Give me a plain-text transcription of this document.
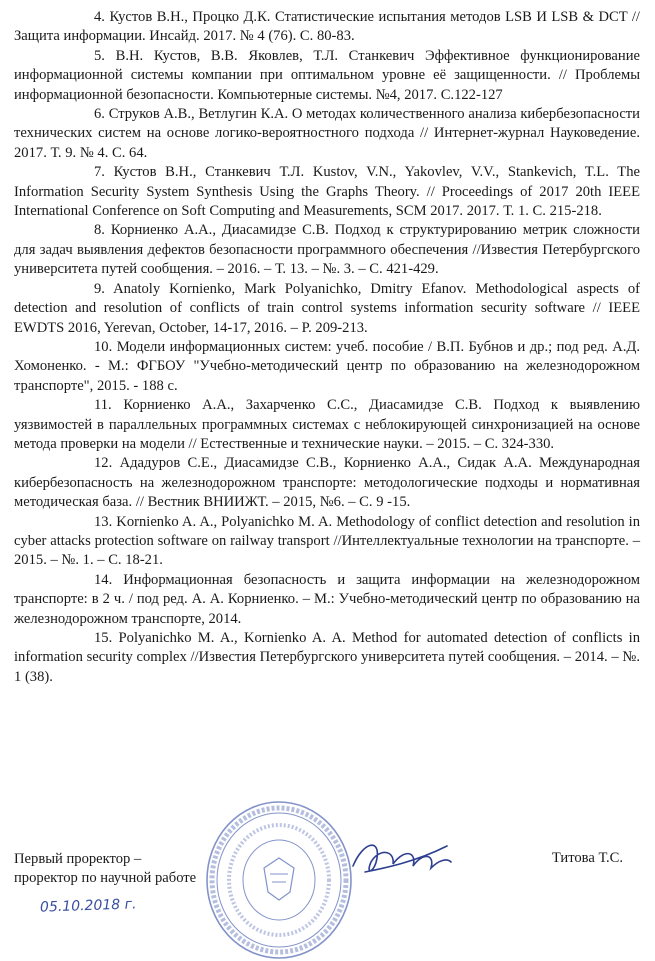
4. Кустов В.Н., Процко Д.К. Статистические испытания методов LSB И LSB & DCT // Защита информации. Инсайд. 2017. № 4 (76). С. 80-83.

5. В.Н. Кустов, В.В. Яковлев, Т.Л. Станкевич Эффективное функционирование информационной системы компании при оптимальном уровне её защищенности. // Проблемы информационной безопасности. Компьютерные системы. №4, 2017. С.122-127

6. Струков А.В., Ветлугин К.А. О методах количественного анализа кибербезопасности технических систем на основе логико-вероятностного подхода // Интернет-журнал Науковедение. 2017. Т. 9. № 4. С. 64.

7. Кустов В.Н., Станкевич Т.Л. Kustov, V.N., Yakovlev, V.V., Stankevich, T.L. The Information Security System Synthesis Using the Graphs Theory. // Proceedings of 2017 20th IEEE International Conference on Soft Computing and Measurements, SCM 2017. 2017. Т. 1. С. 215-218.

8. Корниенко А.А., Диасамидзе С.В. Подход к структурированию метрик сложности для задач выявления дефектов безопасности программного обеспечения //Известия Петербургского университета путей сообщения. – 2016. – Т. 13. – №. 3. – С. 421-429.

9. Anatoly Kornienko, Mark Polyanichko, Dmitry Efanov. Methodological aspects of detection and resolution of conflicts of train control systems information security software // IEEE EWDTS 2016, Yerevan, October, 14-17, 2016. – P. 209-213.

10. Модели информационных систем: учеб. пособие / В.П. Бубнов и др.; под ред. А.Д. Хомоненко. - М.: ФГБОУ "Учебно-методический центр по образованию на железнодорожном транспорте", 2015. - 188 с.

11. Корниенко А.А., Захарченко С.С., Диасамидзе С.В. Подход к выявлению уязвимостей в параллельных программных системах с неблокирующей синхронизацией на основе метода проверки на модели // Естественные и технические науки. – 2015. – С. 324-330.

12. Ададуров С.Е., Диасамидзе С.В., Корниенко А.А., Сидак А.А. Международная кибербезопасность на железнодорожном транспорте: методологические подходы и нормативная методическая база. // Вестник ВНИИЖТ. – 2015, №6. – С. 9 -15.

13. Kornienko A. A., Polyanichko M. A. Methodology of conflict detection and resolution in cyber attacks protection software on railway transport //Интеллектуальные технологии на транспорте. – 2015. – №. 1. – С. 18-21.

14. Информационная безопасность и защита информации на железнодорожном транспорте: в 2 ч. / под ред. А. А. Корниенко. – М.: Учебно-методический центр по образованию на железнодорожном транспорте, 2014.

15. Polyanichko M. A., Kornienko A. A. Method for automated detection of conflicts in information security complex //Известия Петербургского университета путей сообщения. – 2014. – №. 1 (38).

Первый проректор –
проректор по научной работе
Титова Т.С.
05.10.2018 г.
